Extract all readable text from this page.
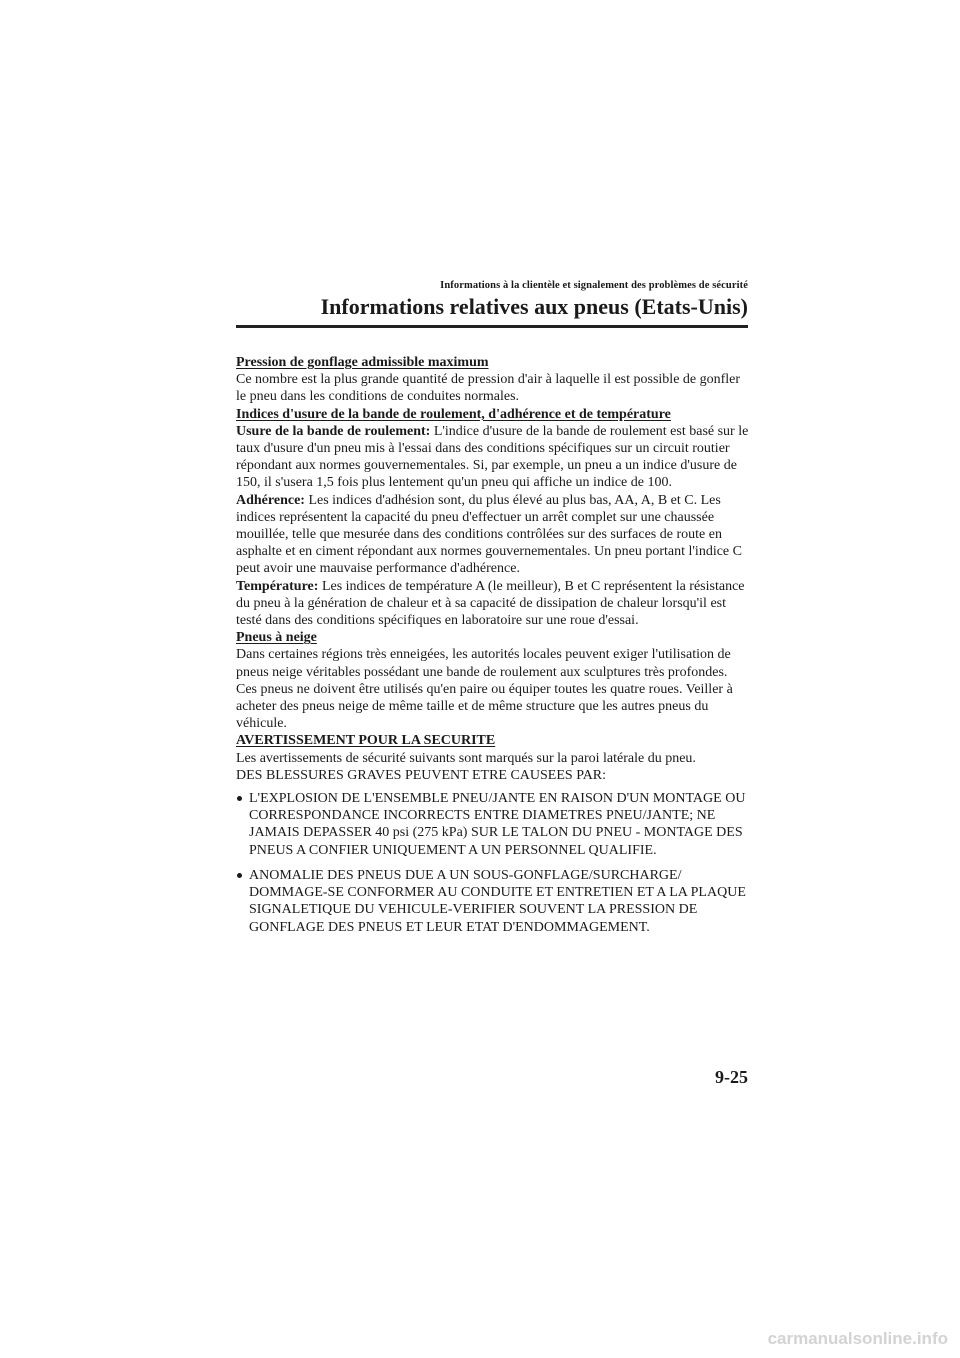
Informations à la clientèle et signalement des problèmes de sécurité

Informations relatives aux pneus (Etats-Unis)

Pression de gonflage admissible maximum

Ce nombre est la plus grande quantité de pression d'air à laquelle il est possible de gonfler le pneu dans les conditions de conduites normales.

Indices d'usure de la bande de roulement, d'adhérence et de température

Usure de la bande de roulement: L'indice d'usure de la bande de roulement est basé sur le taux d'usure d'un pneu mis à l'essai dans des conditions spécifiques sur un circuit routier répondant aux normes gouvernementales. Si, par exemple, un pneu a un indice d'usure de 150, il s'usera 1,5 fois plus lentement qu'un pneu qui affiche un indice de 100.

Adhérence: Les indices d'adhésion sont, du plus élevé au plus bas, AA, A, B et C. Les indices représentent la capacité du pneu d'effectuer un arrêt complet sur une chaussée mouillée, telle que mesurée dans des conditions contrôlées sur des surfaces de route en asphalte et en ciment répondant aux normes gouvernementales. Un pneu portant l'indice C peut avoir une mauvaise performance d'adhérence.

Température: Les indices de température A (le meilleur), B et C représentent la résistance du pneu à la génération de chaleur et à sa capacité de dissipation de chaleur lorsqu'il est testé dans des conditions spécifiques en laboratoire sur une roue d'essai.

Pneus à neige

Dans certaines régions très enneigées, les autorités locales peuvent exiger l'utilisation de pneus neige véritables possédant une bande de roulement aux sculptures très profondes. Ces pneus ne doivent être utilisés qu'en paire ou équiper toutes les quatre roues. Veiller à acheter des pneus neige de même taille et de même structure que les autres pneus du véhicule.

AVERTISSEMENT POUR LA SECURITE

Les avertissements de sécurité suivants sont marqués sur la paroi latérale du pneu.

DES BLESSURES GRAVES PEUVENT ETRE CAUSEES PAR:

L'EXPLOSION DE L'ENSEMBLE PNEU/JANTE EN RAISON D'UN MONTAGE OU CORRESPONDANCE INCORRECTS ENTRE DIAMETRES PNEU/JANTE; NE JAMAIS DEPASSER 40 psi (275 kPa) SUR LE TALON DU PNEU - MONTAGE DES PNEUS A CONFIER UNIQUEMENT A UN PERSONNEL QUALIFIE.
ANOMALIE DES PNEUS DUE A UN SOUS-GONFLAGE/SURCHARGE/ DOMMAGE-SE CONFORMER AU CONDUITE ET ENTRETIEN ET A LA PLAQUE SIGNALETIQUE DU VEHICULE-VERIFIER SOUVENT LA PRESSION DE GONFLAGE DES PNEUS ET LEUR ETAT D'ENDOMMAGEMENT.
9-25
carmanualsonline.info
